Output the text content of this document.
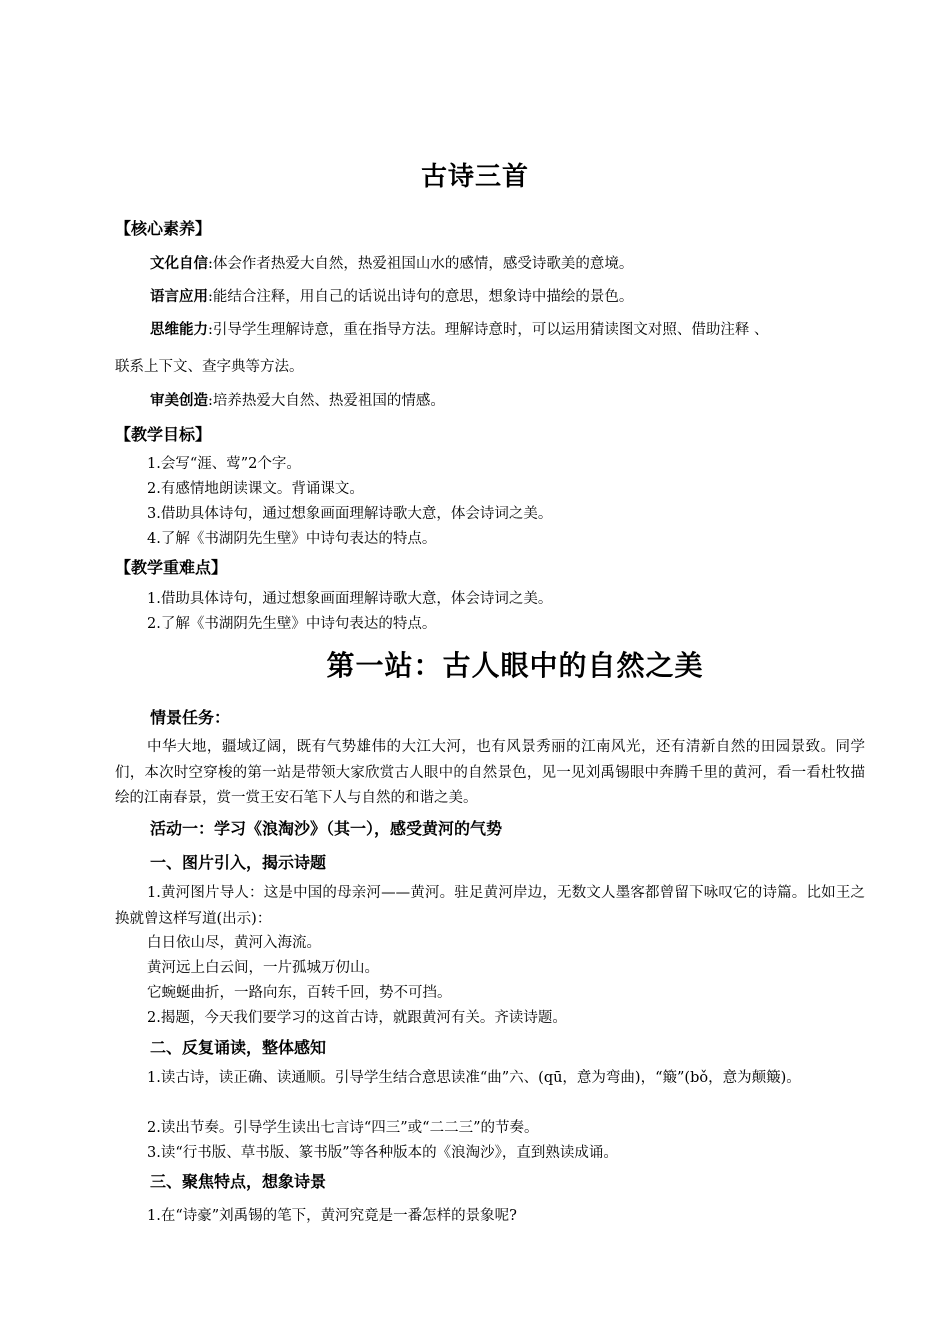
古诗三首
【核心素养】
文化自信:体会作者热爱大自然，热爱祖国山水的感情，感受诗歌美的意境。
语言应用:能结合注释，用自己的话说出诗句的意思，想象诗中描绘的景色。
思维能力:引导学生理解诗意，重在指导方法。理解诗意时，可以运用猜读图文对照、借助注释 、
联系上下文、查字典等方法。
审美创造:培养热爱大自然、热爱祖国的情感。
【教学目标】
1.会写“涯、莺”2个字。
2.有感情地朗读课文。背诵课文。
3.借助具体诗句，通过想象画面理解诗歌大意，体会诗词之美。
4.了解《书湖阴先生壁》中诗句表达的特点。
【教学重难点】
1.借助具体诗句，通过想象画面理解诗歌大意，体会诗词之美。
2.了解《书湖阴先生壁》中诗句表达的特点。
第一站：古人眼中的自然之美
情景任务：
中华大地，疆域辽阔，既有气势雄伟的大江大河，也有风景秀丽的江南风光，还有清新自然的田园景致。同学们，本次时空穿梭的第一站是带领大家欣赏古人眼中的自然景色，见一见刘禹锡眼中奔腾千里的黄河，看一看杜牧描绘的江南春景，赏一赏王安石笔下人与自然的和谐之美。
活动一：学习《浪淘沙》（其一），感受黄河的气势
一、图片引入，揭示诗题
1.黄河图片导人：这是中国的母亲河——黄河。驻足黄河岸边，无数文人墨客都曾留下咏叹它的诗篇。比如王之换就曾这样写道(出示)：
白日依山尽，黄河入海流。
黄河远上白云间，一片孤城万仞山。
它蜿蜒曲折，一路向东，百转千回，势不可挡。
2.揭题，今天我们要学习的这首古诗，就跟黄河有关。齐读诗题。
二、反复诵读，整体感知
1.读古诗，读正确、读通顺。引导学生结合意思读准“曲”六、(qū，意为弯曲)，“簸”(bǒ，意为颠簸)。
2.读出节奏。引导学生读出七言诗“四三”或“二二三”的节奏。
3.读“行书版、草书版、篆书版”等各种版本的《浪淘沙》，直到熟读成诵。
三、聚焦特点，想象诗景
1.在“诗豪”刘禹锡的笔下，黄河究竟是一番怎样的景象呢?
